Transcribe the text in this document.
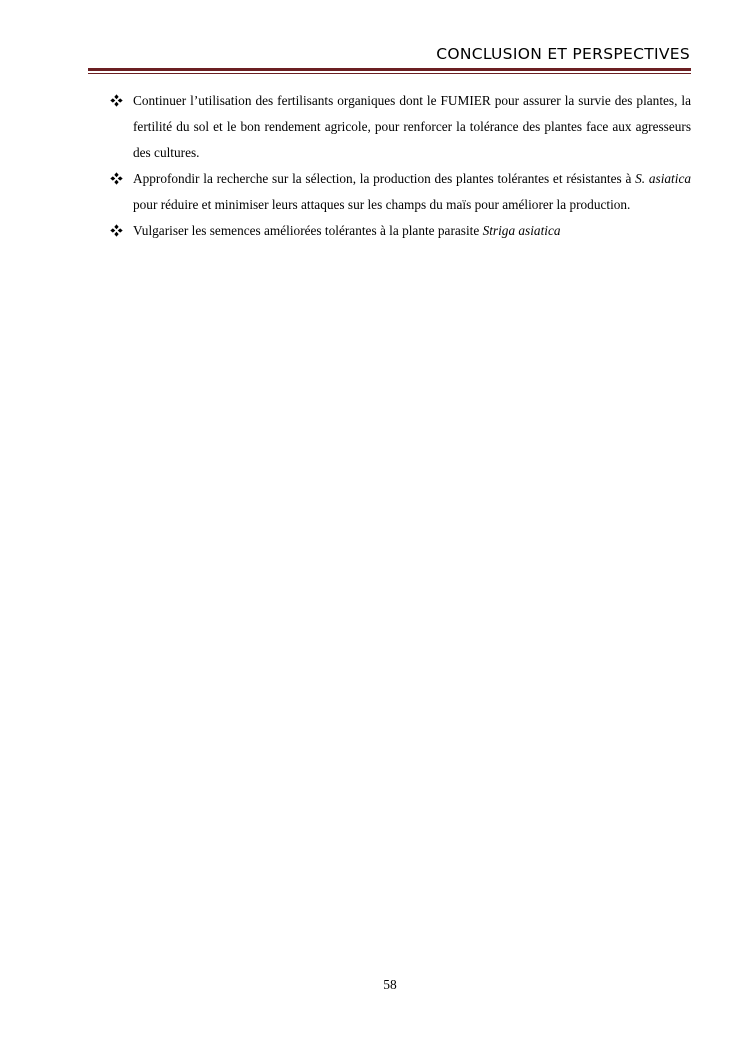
CONCLUSION ET PERSPECTIVES
Continuer l’utilisation des fertilisants organiques dont le FUMIER pour assurer la survie des plantes, la fertilité du sol et le bon rendement agricole, pour renforcer la tolérance des plantes face aux agresseurs des cultures.
Approfondir la recherche sur la sélection, la production des plantes tolérantes et résistantes à S. asiatica  pour réduire et minimiser leurs attaques sur les champs du maïs pour améliorer la production.
Vulgariser les semences améliorées tolérantes à la plante parasite Striga asiatica
58
